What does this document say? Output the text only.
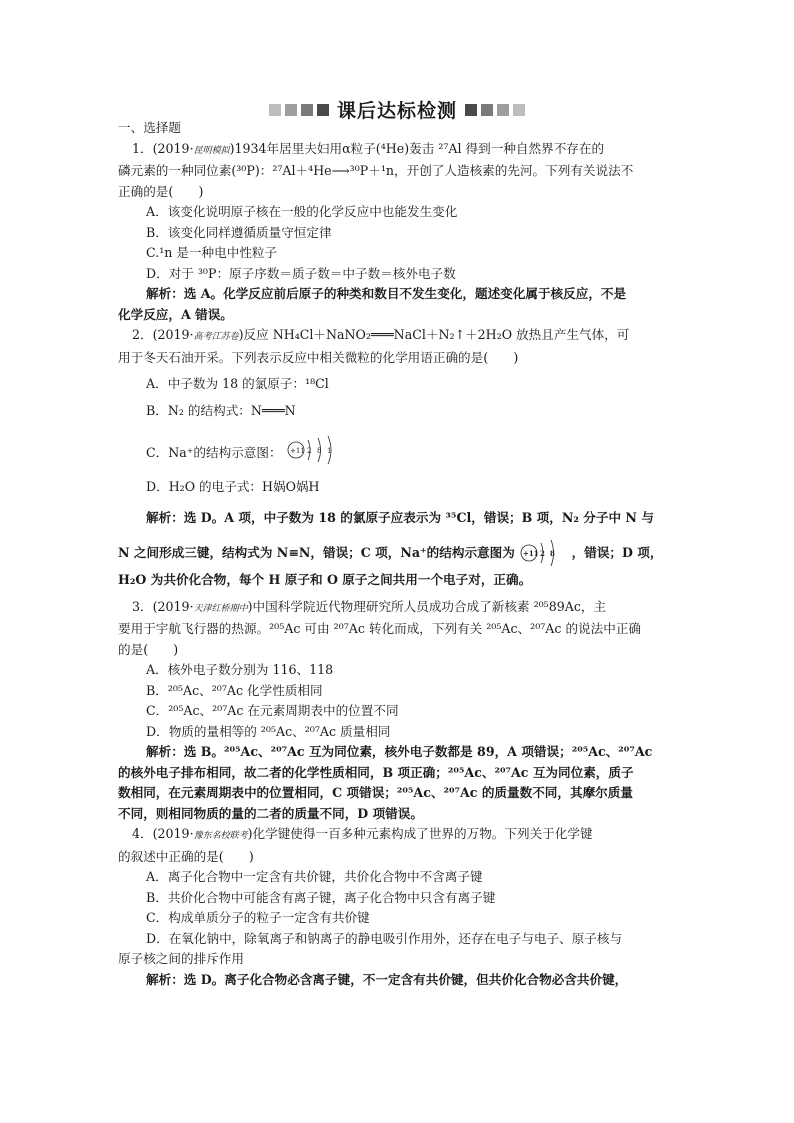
课后达标检测
一、选择题
1．(2019·昆明模拟)1934年居里夫妇用α粒子(⁴He)轰击 ²⁷Al 得到一种自然界不存在的
磷元素的一种同位素(³⁰P)：²⁷Al＋⁴He⟶³⁰P＋¹n，开创了人造核素的先河。下列有关说法不
正确的是(　　)
A．该变化说明原子核在一般的化学反应中也能发生变化
B．该变化同样遵循质量守恒定律
C.¹n 是一种电中性粒子
D．对于 ³⁰P：原子序数＝质子数＝中子数＝核外电子数
解析：选 A。化学反应前后原子的种类和数目不发生变化，题述变化属于核反应，不是
化学反应，A 错误。
2．(2019·高考江苏卷)反应 NH₄Cl＋NaNO₂═══NaCl＋N₂↑＋2H₂O 放热且产生气体，可
用于冬天石油开采。下列表示反应中相关微粒的化学用语正确的是(　　)
A．中子数为 18 的氯原子：¹⁸Cl
B．N₂ 的结构式：N═══N
C．Na⁺的结构示意图： +11 2 8 1
D．H₂O 的电子式：H娲O娲H
解析：选 D。A 项，中子数为 18 的氯原子应表示为 ³⁵Cl，错误；B 项，N₂ 分子中 N 与
N 之间形成三键，结构式为 N≡N，错误；C 项，Na⁺的结构示意图为 +11 2 8 ，错误；D 项，
H₂O 为共价化合物，每个 H 原子和 O 原子之间共用一个电子对，正确。
3．(2019·天津红桥期中)中国科学院近代物理研究所人员成功合成了新核素 ²⁰⁵89Ac，主
要用于宇航飞行器的热源。²⁰⁵Ac 可由 ²⁰⁷Ac 转化而成，下列有关 ²⁰⁵Ac、²⁰⁷Ac 的说法中正确
的是(　　)
A．核外电子数分别为 116、118
B．²⁰⁵Ac、²⁰⁷Ac 化学性质相同
C．²⁰⁵Ac、²⁰⁷Ac 在元素周期表中的位置不同
D．物质的量相等的 ²⁰⁵Ac、²⁰⁷Ac 质量相同
解析：选 B。²⁰⁵Ac、²⁰⁷Ac 互为同位素，核外电子数都是 89，A 项错误；²⁰⁵Ac、²⁰⁷Ac
的核外电子排布相同，故二者的化学性质相同，B 项正确；²⁰⁵Ac、²⁰⁷Ac 互为同位素，质子
数相同，在元素周期表中的位置相同，C 项错误；²⁰⁵Ac、²⁰⁷Ac 的质量数不同，其摩尔质量
不同，则相同物质的量的二者的质量不同，D 项错误。
4．(2019·豫东名校联考)化学键使得一百多种元素构成了世界的万物。下列关于化学键
的叙述中正确的是(　　)
A．离子化合物中一定含有共价键，共价化合物中不含离子键
B．共价化合物中可能含有离子键，离子化合物中只含有离子键
C．构成单质分子的粒子一定含有共价键
D．在氧化钠中，除氧离子和钠离子的静电吸引作用外，还存在电子与电子、原子核与
原子核之间的排斥作用
解析：选 D。离子化合物必含离子键，不一定含有共价键，但共价化合物必含共价键，
